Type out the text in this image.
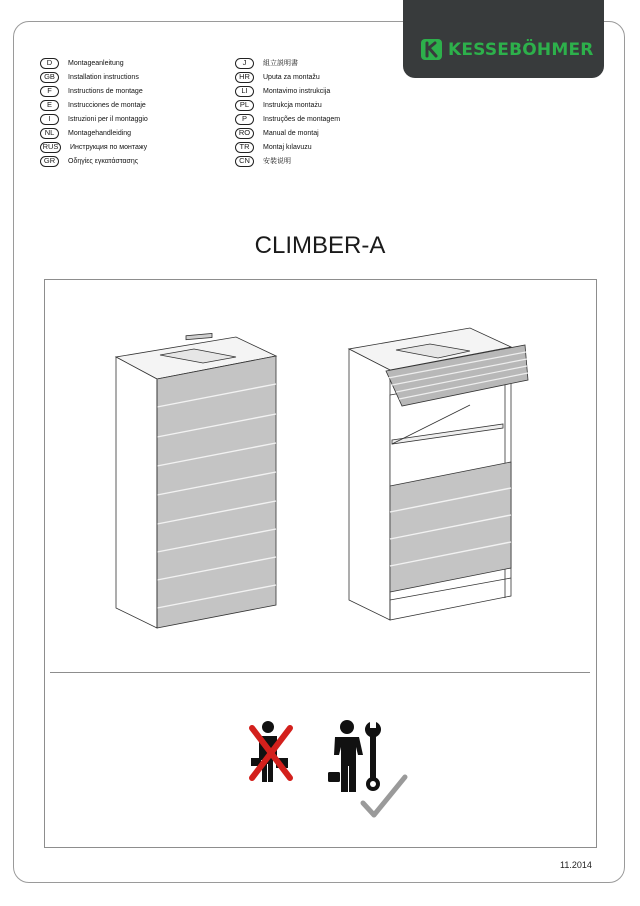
KESSEBÖHMER
D	Montageanleitung
GB	Installation instructions
F	Instructions de montage
E	Instrucciones de montaje
I	Istruzioni per il montaggio
NL	Montagehandleiding
RUS	Инструкция по монтажу
GR	Οδηγίες εγκατάστασης
J	組立説明書
HR	Uputa za montažu
LI	Montavimo instrukcija
PL	Instrukcja montażu
P	Instruções de montagem
RO	Manual de montaj
TR	Montaj kılavuzu
CN	安裝说明
CLIMBER-A
11.2014
